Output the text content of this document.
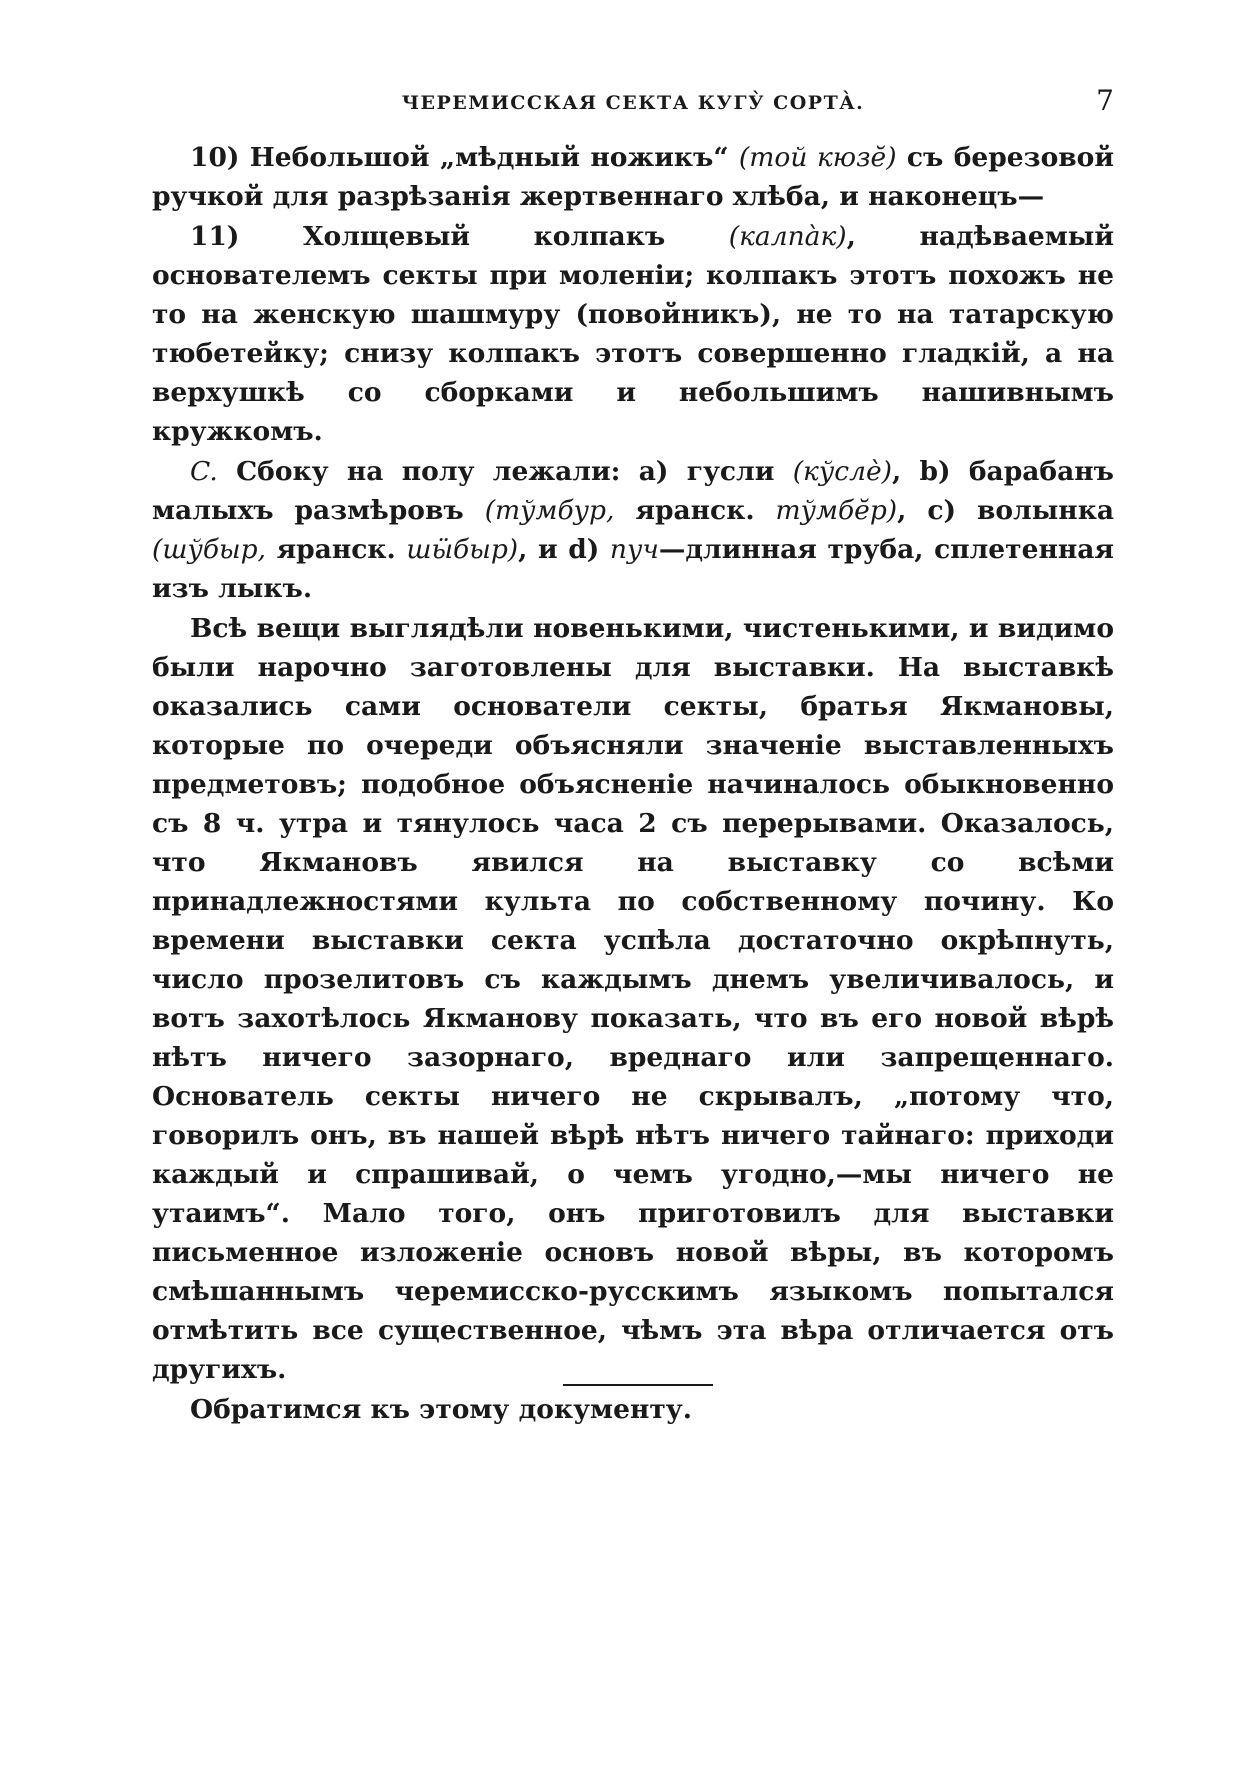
ЧЕРЕМИССКАЯ СЕКТА КУГУ̀ СОРТА̀.	7

10) Небольшой „мѣдный ножикъ“ (той кюзӗ) съ березовой ручкой для разрѣзанія жертвеннаго хлѣба, и наконецъ—

11) Холщевый колпакъ (калпа̀к), надѣваемый основателемъ секты при моленіи; колпакъ этотъ похожъ не то на женскую шашмуру (повойникъ), не то на татарскую тюбетейку; снизу колпакъ этотъ совершенно гладкій, а на верхушкѣ со сборками и небольшимъ нашивнымъ кружкомъ.

C. Сбоку на полу лежали: а) гусли (кўслѐ), b) барабанъ малыхъ размѣровъ (тўмбур, яранск. тўмбӗр), с) волынка (шўбыр, яранск. шӹбыр), и d) пуч—длинная труба, сплетенная изъ лыкъ.

Всѣ вещи выглядѣли новенькими, чистенькими, и видимо были нарочно заготовлены для выставки. На выставкѣ оказались сами основатели секты, братья Якмановы, которые по очереди объясняли значеніе выставленныхъ предметовъ; подобное объясненіе начиналось обыкновенно съ 8 ч. утра и тянулось часа 2 съ перерывами. Оказалось, что Якмановъ явился на выставку со всѣми принадлежностями культа по собственному почину. Ко времени выставки секта успѣла достаточно окрѣпнуть, число прозелитовъ съ каждымъ днемъ увеличивалось, и вотъ захотѣлось Якманову показать, что въ его новой вѣрѣ нѣтъ ничего зазорнаго, вреднаго или запрещеннаго. Основатель секты ничего не скрывалъ, „потому что, говорилъ онъ, въ нашей вѣрѣ нѣтъ ничего тайнаго: приходи каждый и спрашивай, о чемъ угодно,—мы ничего не утаимъ“. Мало того, онъ приготовилъ для выставки письменное изложеніе основъ новой вѣры, въ которомъ смѣшаннымъ черемисско-русскимъ языкомъ попытался отмѣтить все существенное, чѣмъ эта вѣра отличается отъ другихъ.

Обратимся къ этому документу.
